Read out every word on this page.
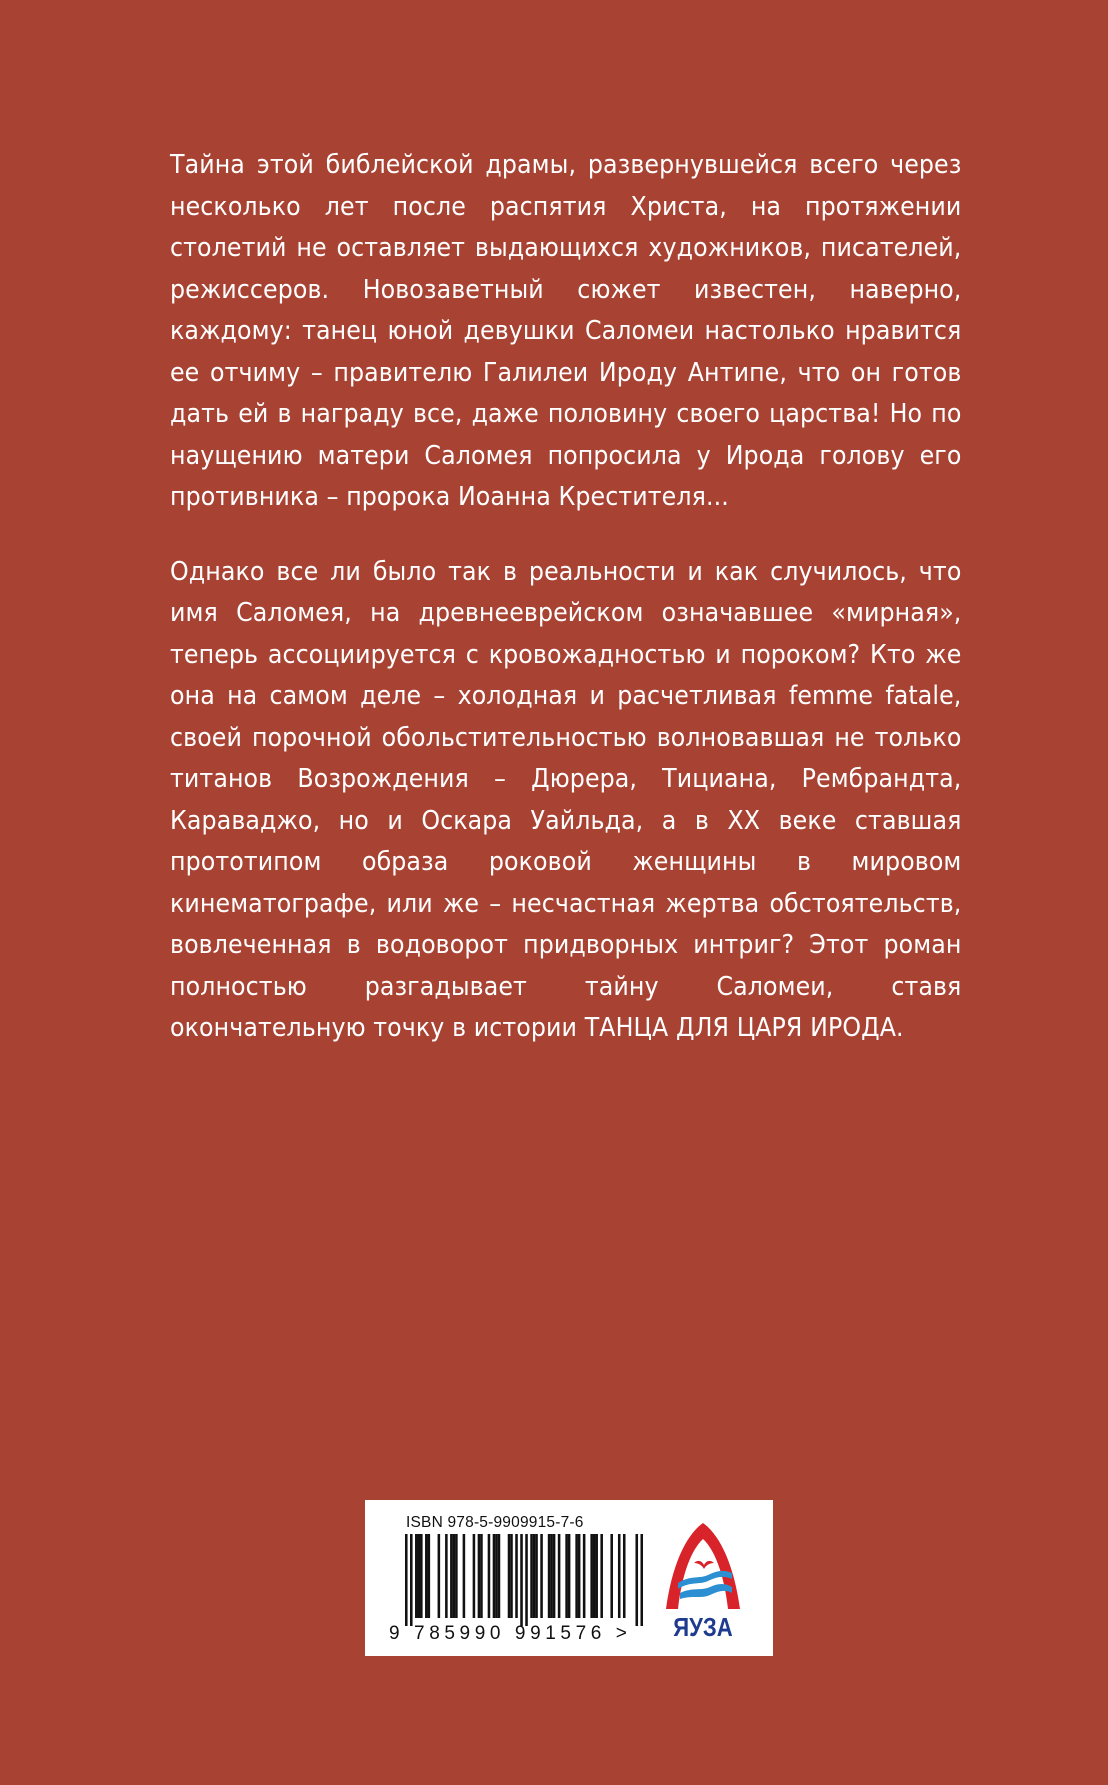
Тайна этой библейской драмы, развернувшейся всего через несколько лет после распятия Христа, на протяжении столетий не оставляет выдающихся художников, писателей, режиссеров. Новозаветный сюжет известен, наверно, каждому: танец юной девушки Саломеи настолько нравится ее отчиму – правителю Галилеи Ироду Антипе, что он готов дать ей в награду все, даже половину своего царства! Но по наущению матери Саломея попросила у Ирода голову его противника – пророка Иоанна Крестителя...

Однако все ли было так в реальности и как случилось, что имя Саломея, на древнееврейском означавшее «мирная», теперь ассоциируется с кровожадностью и пороком? Кто же она на самом деле – холодная и расчетливая femme fatale, своей порочной обольстительностью волновавшая не только титанов Возрождения – Дюрера, Тициана, Рембрандта, Караваджо, но и Оскара Уайльда, а в XX веке ставшая прототипом образа роковой женщины в мировом кинематографе, или же – несчастная жертва обстоятельств, вовлеченная в водоворот придворных интриг? Этот роман полностью разгадывает тайну Саломеи, ставя окончательную точку в истории ТАНЦА ДЛЯ ЦАРЯ ИРОДА.

ISBN 978-5-9909915-7-6
9 785990 991576 >	ЯУЗА
